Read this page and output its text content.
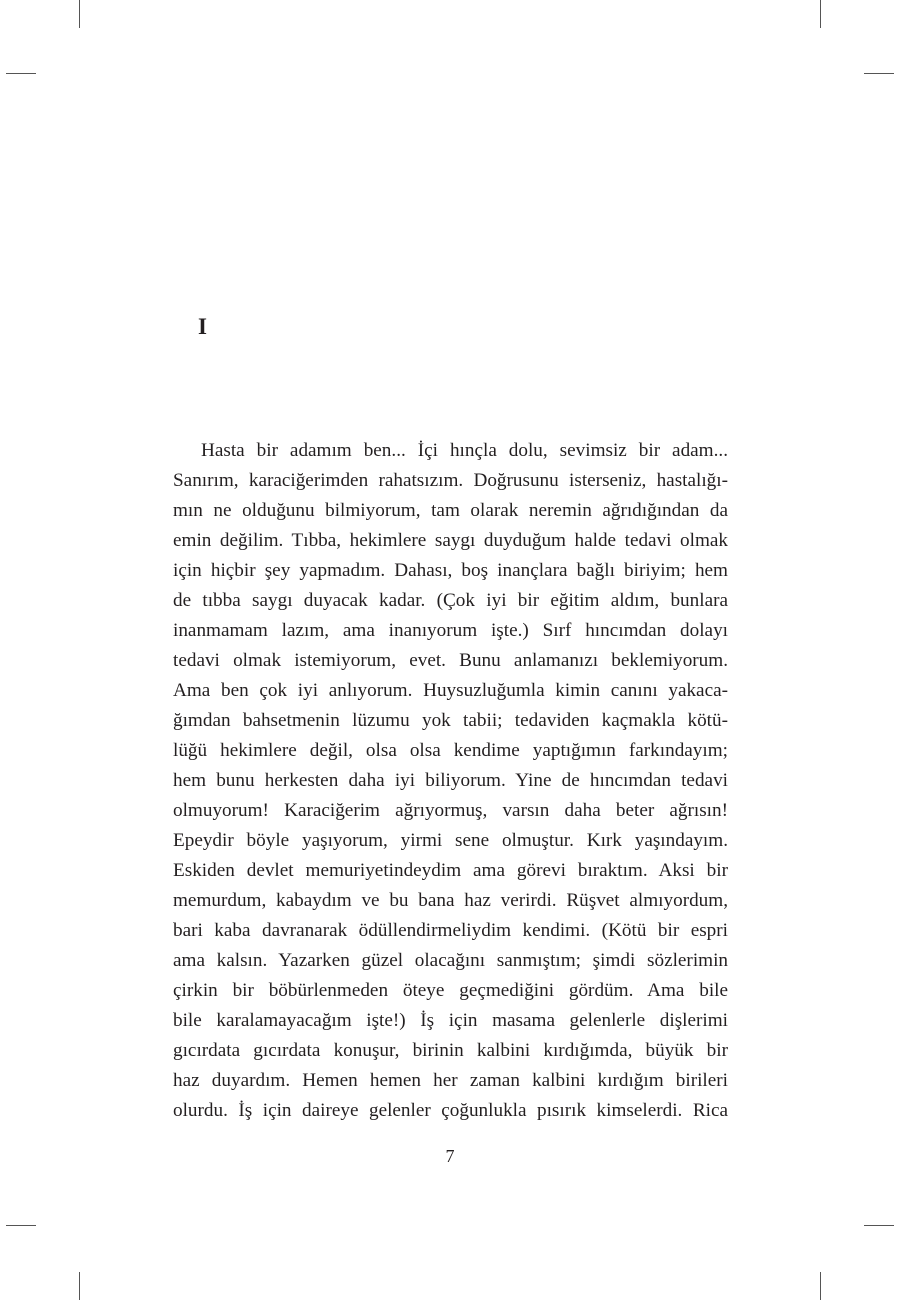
I
Hasta bir adamım ben... İçi hınçla dolu, sevimsiz bir adam...
Sanırım, karaciğerimden rahatsızım. Doğrusunu isterseniz, hastalığı-
mın ne olduğunu bilmiyorum, tam olarak neremin ağrıdığından da
emin değilim. Tıbba, hekimlere saygı duyduğum halde tedavi olmak
için hiçbir şey yapmadım. Dahası, boş inançlara bağlı biriyim; hem
de tıbba saygı duyacak kadar. (Çok iyi bir eğitim aldım, bunlara
inanmamam lazım, ama inanıyorum işte.) Sırf hıncımdan dolayı
tedavi olmak istemiyorum, evet. Bunu anlamanızı beklemiyorum.
Ama ben çok iyi anlıyorum. Huysuzluğumla kimin canını yakaca-
ğımdan bahsetmenin lüzumu yok tabii; tedaviden kaçmakla kötü-
lüğü hekimlere değil, olsa olsa kendime yaptığımın farkındayım;
hem bunu herkesten daha iyi biliyorum. Yine de hıncımdan tedavi
olmuyorum! Karaciğerim ağrıyormuş, varsın daha beter ağrısın!
Epeydir böyle yaşıyorum, yirmi sene olmuştur. Kırk yaşındayım.
Eskiden devlet memuriyetindeydim ama görevi bıraktım. Aksi bir
memurdum, kabaydım ve bu bana haz verirdi. Rüşvet almıyordum,
bari kaba davranarak ödüllendirmeliydim kendimi. (Kötü bir espri
ama kalsın. Yazarken güzel olacağını sanmıştım; şimdi sözlerimin
çirkin bir böbürlenmeden öteye geçmediğini gördüm. Ama bile
bile karalamayacağım işte!) İş için masama gelenlerle dişlerimi
gıcırdata gıcırdata konuşur, birinin kalbini kırdığımda, büyük bir
haz duyardım. Hemen hemen her zaman kalbini kırdığım birileri
olurdu. İş için daireye gelenler çoğunlukla pısırık kimselerdi. Rica
7
